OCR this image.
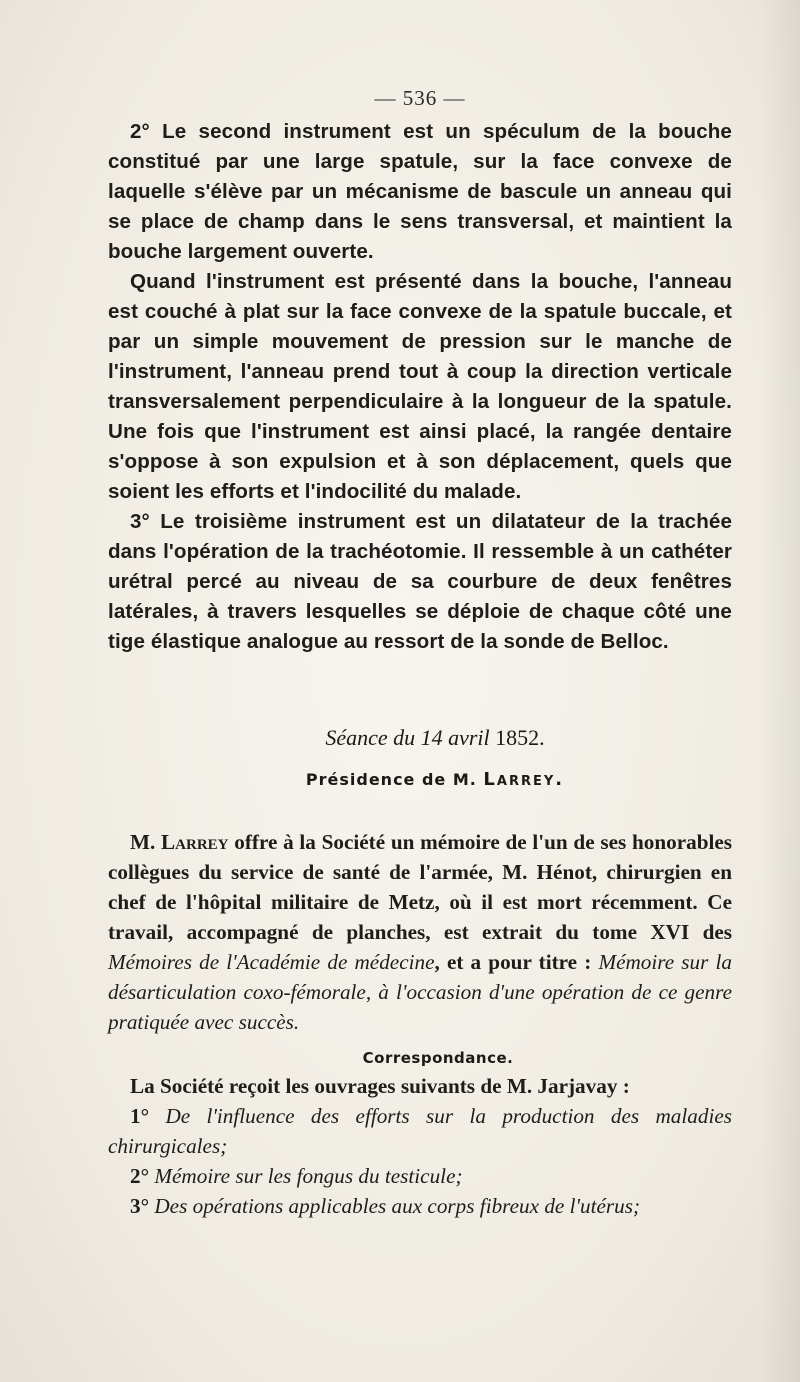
— 536 —

2° Le second instrument est un spéculum de la bouche constitué par une large spatule, sur la face convexe de laquelle s'élève par un mécanisme de bascule un anneau qui se place de champ dans le sens transversal, et maintient la bouche largement ouverte.

Quand l'instrument est présenté dans la bouche, l'anneau est couché à plat sur la face convexe de la spatule buccale, et par un simple mouvement de pression sur le manche de l'instrument, l'anneau prend tout à coup la direction verticale transversalement perpendiculaire à la longueur de la spatule. Une fois que l'instrument est ainsi placé, la rangée dentaire s'oppose à son expulsion et à son déplacement, quels que soient les efforts et l'indocilité du malade.

3° Le troisième instrument est un dilatateur de la trachée dans l'opération de la trachéotomie. Il ressemble à un cathéter urétral percé au niveau de sa courbure de deux fenêtres latérales, à travers lesquelles se déploie de chaque côté une tige élastique analogue au ressort de la sonde de Belloc.

Séance du 14 avril 1852.
Présidence de M. Larrey.

M. Larrey offre à la Société un mémoire de l'un de ses honorables collègues du service de santé de l'armée, M. Hénot, chirurgien en chef de l'hôpital militaire de Metz, où il est mort récemment. Ce travail, accompagné de planches, est extrait du tome XVI des Mémoires de l'Académie de médecine, et a pour titre : Mémoire sur la désarticulation coxo-fémorale, à l'occasion d'une opération de ce genre pratiquée avec succès.

Correspondance.

La Société reçoit les ouvrages suivants de M. Jarjavay :

1° De l'influence des efforts sur la production des maladies chirurgicales;

2° Mémoire sur les fongus du testicule;

3° Des opérations applicables aux corps fibreux de l'utérus;
